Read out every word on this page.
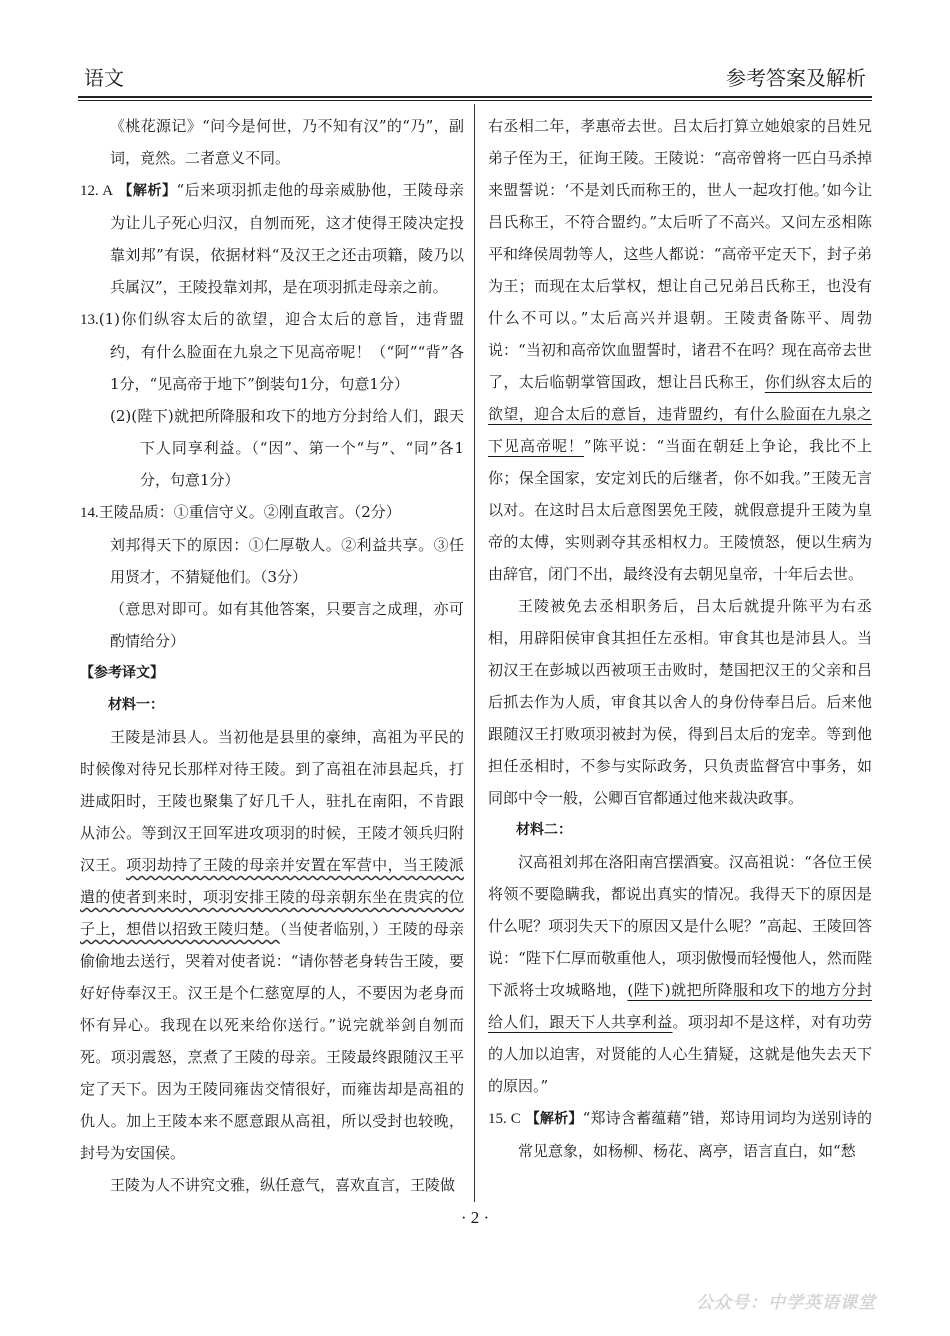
语文	参考答案及解析

《桃花源记》“问今是何世，乃不知有汉”的“乃”，副词，竟然。二者意义不同。

12. A 【解析】“后来项羽抓走他的母亲威胁他，王陵母亲为让儿子死心归汉，自刎而死，这才使得王陵决定投靠刘邦”有误，依据材料“及汉王之还击项籍，陵乃以兵属汉”，王陵投靠刘邦，是在项羽抓走母亲之前。

13.(1)你们纵容太后的欲望，迎合太后的意旨，违背盟约，有什么脸面在九泉之下见高帝呢！（“阿”“背”各1分，“见高帝于地下”倒装句1分，句意1分）

(2)(陛下)就把所降服和攻下的地方分封给人们，跟天下人同享利益。（“因”、第一个“与”、“同”各1分，句意1分）

14.王陵品质：①重信守义。②刚直敢言。（2分）

刘邦得天下的原因：①仁厚敬人。②利益共享。③任用贤才，不猜疑他们。（3分）

（意思对即可。如有其他答案，只要言之成理，亦可酌情给分）

【参考译文】

材料一：

王陵是沛县人。当初他是县里的豪绅，高祖为平民的时候像对待兄长那样对待王陵。到了高祖在沛县起兵，打进咸阳时，王陵也聚集了好几千人，驻扎在南阳，不肯跟从沛公。等到汉王回军进攻项羽的时候，王陵才领兵归附汉王。项羽劫持了王陵的母亲并安置在军营中，当王陵派遣的使者到来时，项羽安排王陵的母亲朝东坐在贵宾的位子上，想借以招致王陵归楚。（当使者临别，）王陵的母亲偷偷地去送行，哭着对使者说：“请你替老身转告王陵，要好好侍奉汉王。汉王是个仁慈宽厚的人，不要因为老身而怀有异心。我现在以死来给你送行。”说完就举剑自刎而死。项羽震怒，烹煮了王陵的母亲。王陵最终跟随汉王平定了天下。因为王陵同雍齿交情很好，而雍齿却是高祖的仇人。加上王陵本来不愿意跟从高祖，所以受封也较晚，封号为安国侯。

王陵为人不讲究文雅，纵任意气，喜欢直言，王陵做

右丞相二年，孝惠帝去世。吕太后打算立她娘家的吕姓兄弟子侄为王，征询王陵。王陵说：“高帝曾将一匹白马杀掉来盟誓说：‘不是刘氏而称王的，世人一起攻打他。’如今让吕氏称王，不符合盟约。”太后听了不高兴。又问左丞相陈平和绛侯周勃等人，这些人都说：“高帝平定天下，封子弟为王；而现在太后掌权，想让自己兄弟吕氏称王，也没有什么不可以。”太后高兴并退朝。王陵责备陈平、周勃说：“当初和高帝饮血盟誓时，诸君不在吗？现在高帝去世了，太后临朝掌管国政，想让吕氏称王，你们纵容太后的欲望，迎合太后的意旨，违背盟约，有什么脸面在九泉之下见高帝呢！”陈平说：“当面在朝廷上争论，我比不上你；保全国家，安定刘氏的后继者，你不如我。”王陵无言以对。在这时吕太后意图罢免王陵，就假意提升王陵为皇帝的太傅，实则剥夺其丞相权力。王陵愤怒，便以生病为由辞官，闭门不出，最终没有去朝见皇帝，十年后去世。

王陵被免去丞相职务后，吕太后就提升陈平为右丞相，用辟阳侯审食其担任左丞相。审食其也是沛县人。当初汉王在彭城以西被项王击败时，楚国把汉王的父亲和吕后抓去作为人质，审食其以舍人的身份侍奉吕后。后来他跟随汉王打败项羽被封为侯，得到吕太后的宠幸。等到他担任丞相时，不参与实际政务，只负责监督宫中事务，如同郎中令一般，公卿百官都通过他来裁决政事。

材料二：

汉高祖刘邦在洛阳南宫摆酒宴。汉高祖说：“各位王侯将领不要隐瞒我，都说出真实的情况。我得天下的原因是什么呢？项羽失天下的原因又是什么呢？”高起、王陵回答说：“陛下仁厚而敬重他人，项羽傲慢而轻慢他人，然而陛下派将士攻城略地，(陛下)就把所降服和攻下的地方分封给人们，跟天下人共享利益。项羽却不是这样，对有功劳的人加以迫害，对贤能的人心生猜疑，这就是他失去天下的原因。”

15. C 【解析】“郑诗含蓄蕴藉”错，郑诗用词均为送别诗的常见意象，如杨柳、杨花、离亭，语言直白，如“愁

· 2 ·
公众号：中学英语课堂
